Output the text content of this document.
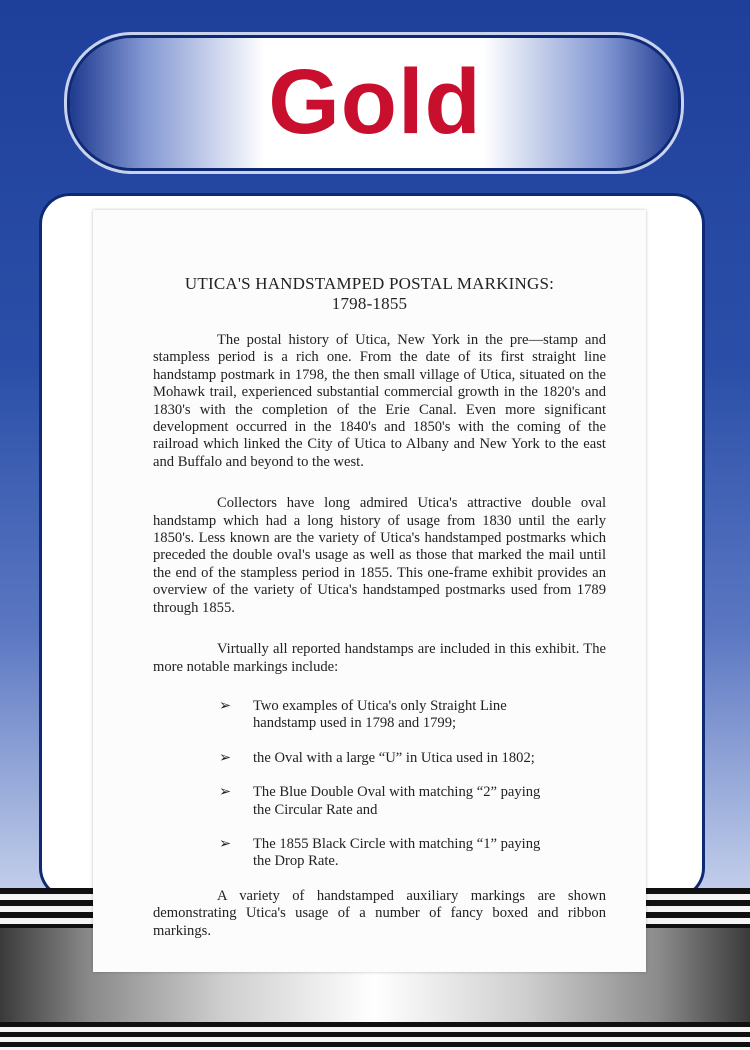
Gold
UTICA'S HANDSTAMPED POSTAL MARKINGS:
1798-1855

The postal history of Utica, New York in the pre—stamp and stampless period is a rich one. From the date of its first straight line handstamp postmark in 1798, the then small village of Utica, situated on the Mohawk trail, experienced substantial commercial growth in the 1820's and 1830's with the completion of the Erie Canal. Even more significant development occurred in the 1840's and 1850's with the coming of the railroad which linked the City of Utica to Albany and New York to the east and Buffalo and beyond to the west.

Collectors have long admired Utica's attractive double oval handstamp which had a long history of usage from 1830 until the early 1850's. Less known are the variety of Utica's handstamped postmarks which preceded the double oval's usage as well as those that marked the mail until the end of the stampless period in 1855. This one-frame exhibit provides an overview of the variety of Utica's handstamped postmarks used from 1789 through 1855.

Virtually all reported handstamps are included in this exhibit. The more notable markings include:

➢	Two examples of Utica's only Straight Line handstamp used in 1798 and 1799;
➢	the Oval with a large “U” in Utica used in 1802;
➢	The Blue Double Oval with matching “2” paying the Circular Rate and
➢	The 1855 Black Circle with matching “1” paying the Drop Rate.

A variety of handstamped auxiliary markings are shown demonstrating Utica's usage of a number of fancy boxed and ribbon markings.
